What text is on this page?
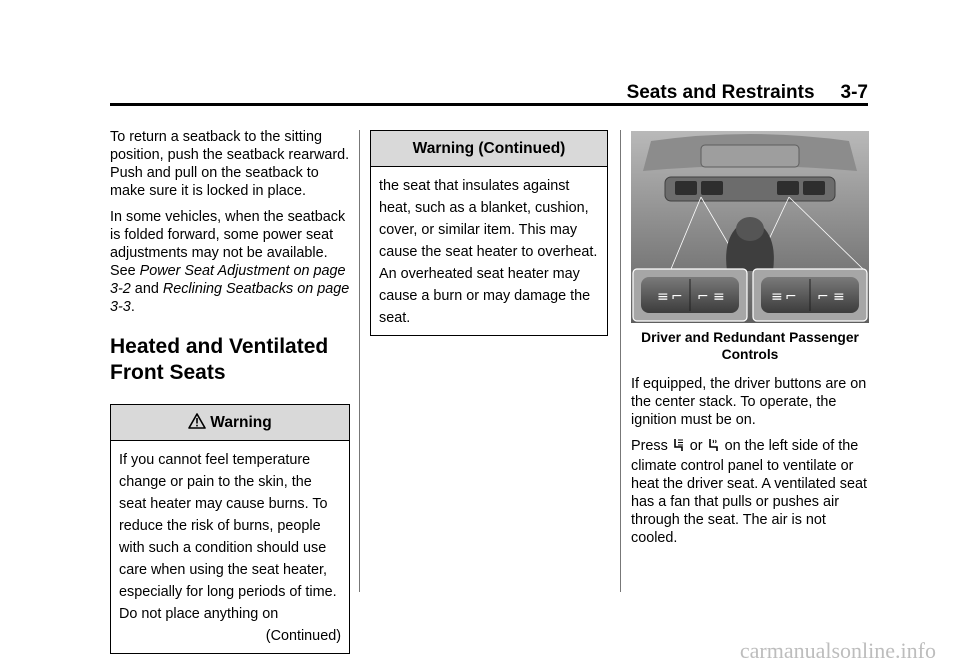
Seats and Restraints 3-7

To return a seatback to the sitting position, push the seatback rearward. Push and pull on the seatback to make sure it is locked in place.

In some vehicles, when the seatback is folded forward, some power seat adjustments may not be available. See Power Seat Adjustment on page 3-2 and Reclining Seatbacks on page 3-3.

Heated and Ventilated Front Seats
Warning
If you cannot feel temperature change or pain to the skin, the seat heater may cause burns. To reduce the risk of burns, people with such a condition should use care when using the seat heater, especially for long periods of time. Do not place anything on
(Continued)
Warning (Continued)
the seat that insulates against heat, such as a blanket, cushion, cover, or similar item. This may cause the seat heater to overheat. An overheated seat heater may cause a burn or may damage the seat.
≡ ⌐ ⌐ ≡	≡ ⌐ ⌐ ≡
Driver and Redundant Passenger Controls

If equipped, the driver buttons are on the center stack. To operate, the ignition must be on.

Press  or  on the left side of the climate control panel to ventilate or heat the driver seat. A ventilated seat has a fan that pulls or pushes air through the seat. The air is not cooled.

carmanualsonline.info
